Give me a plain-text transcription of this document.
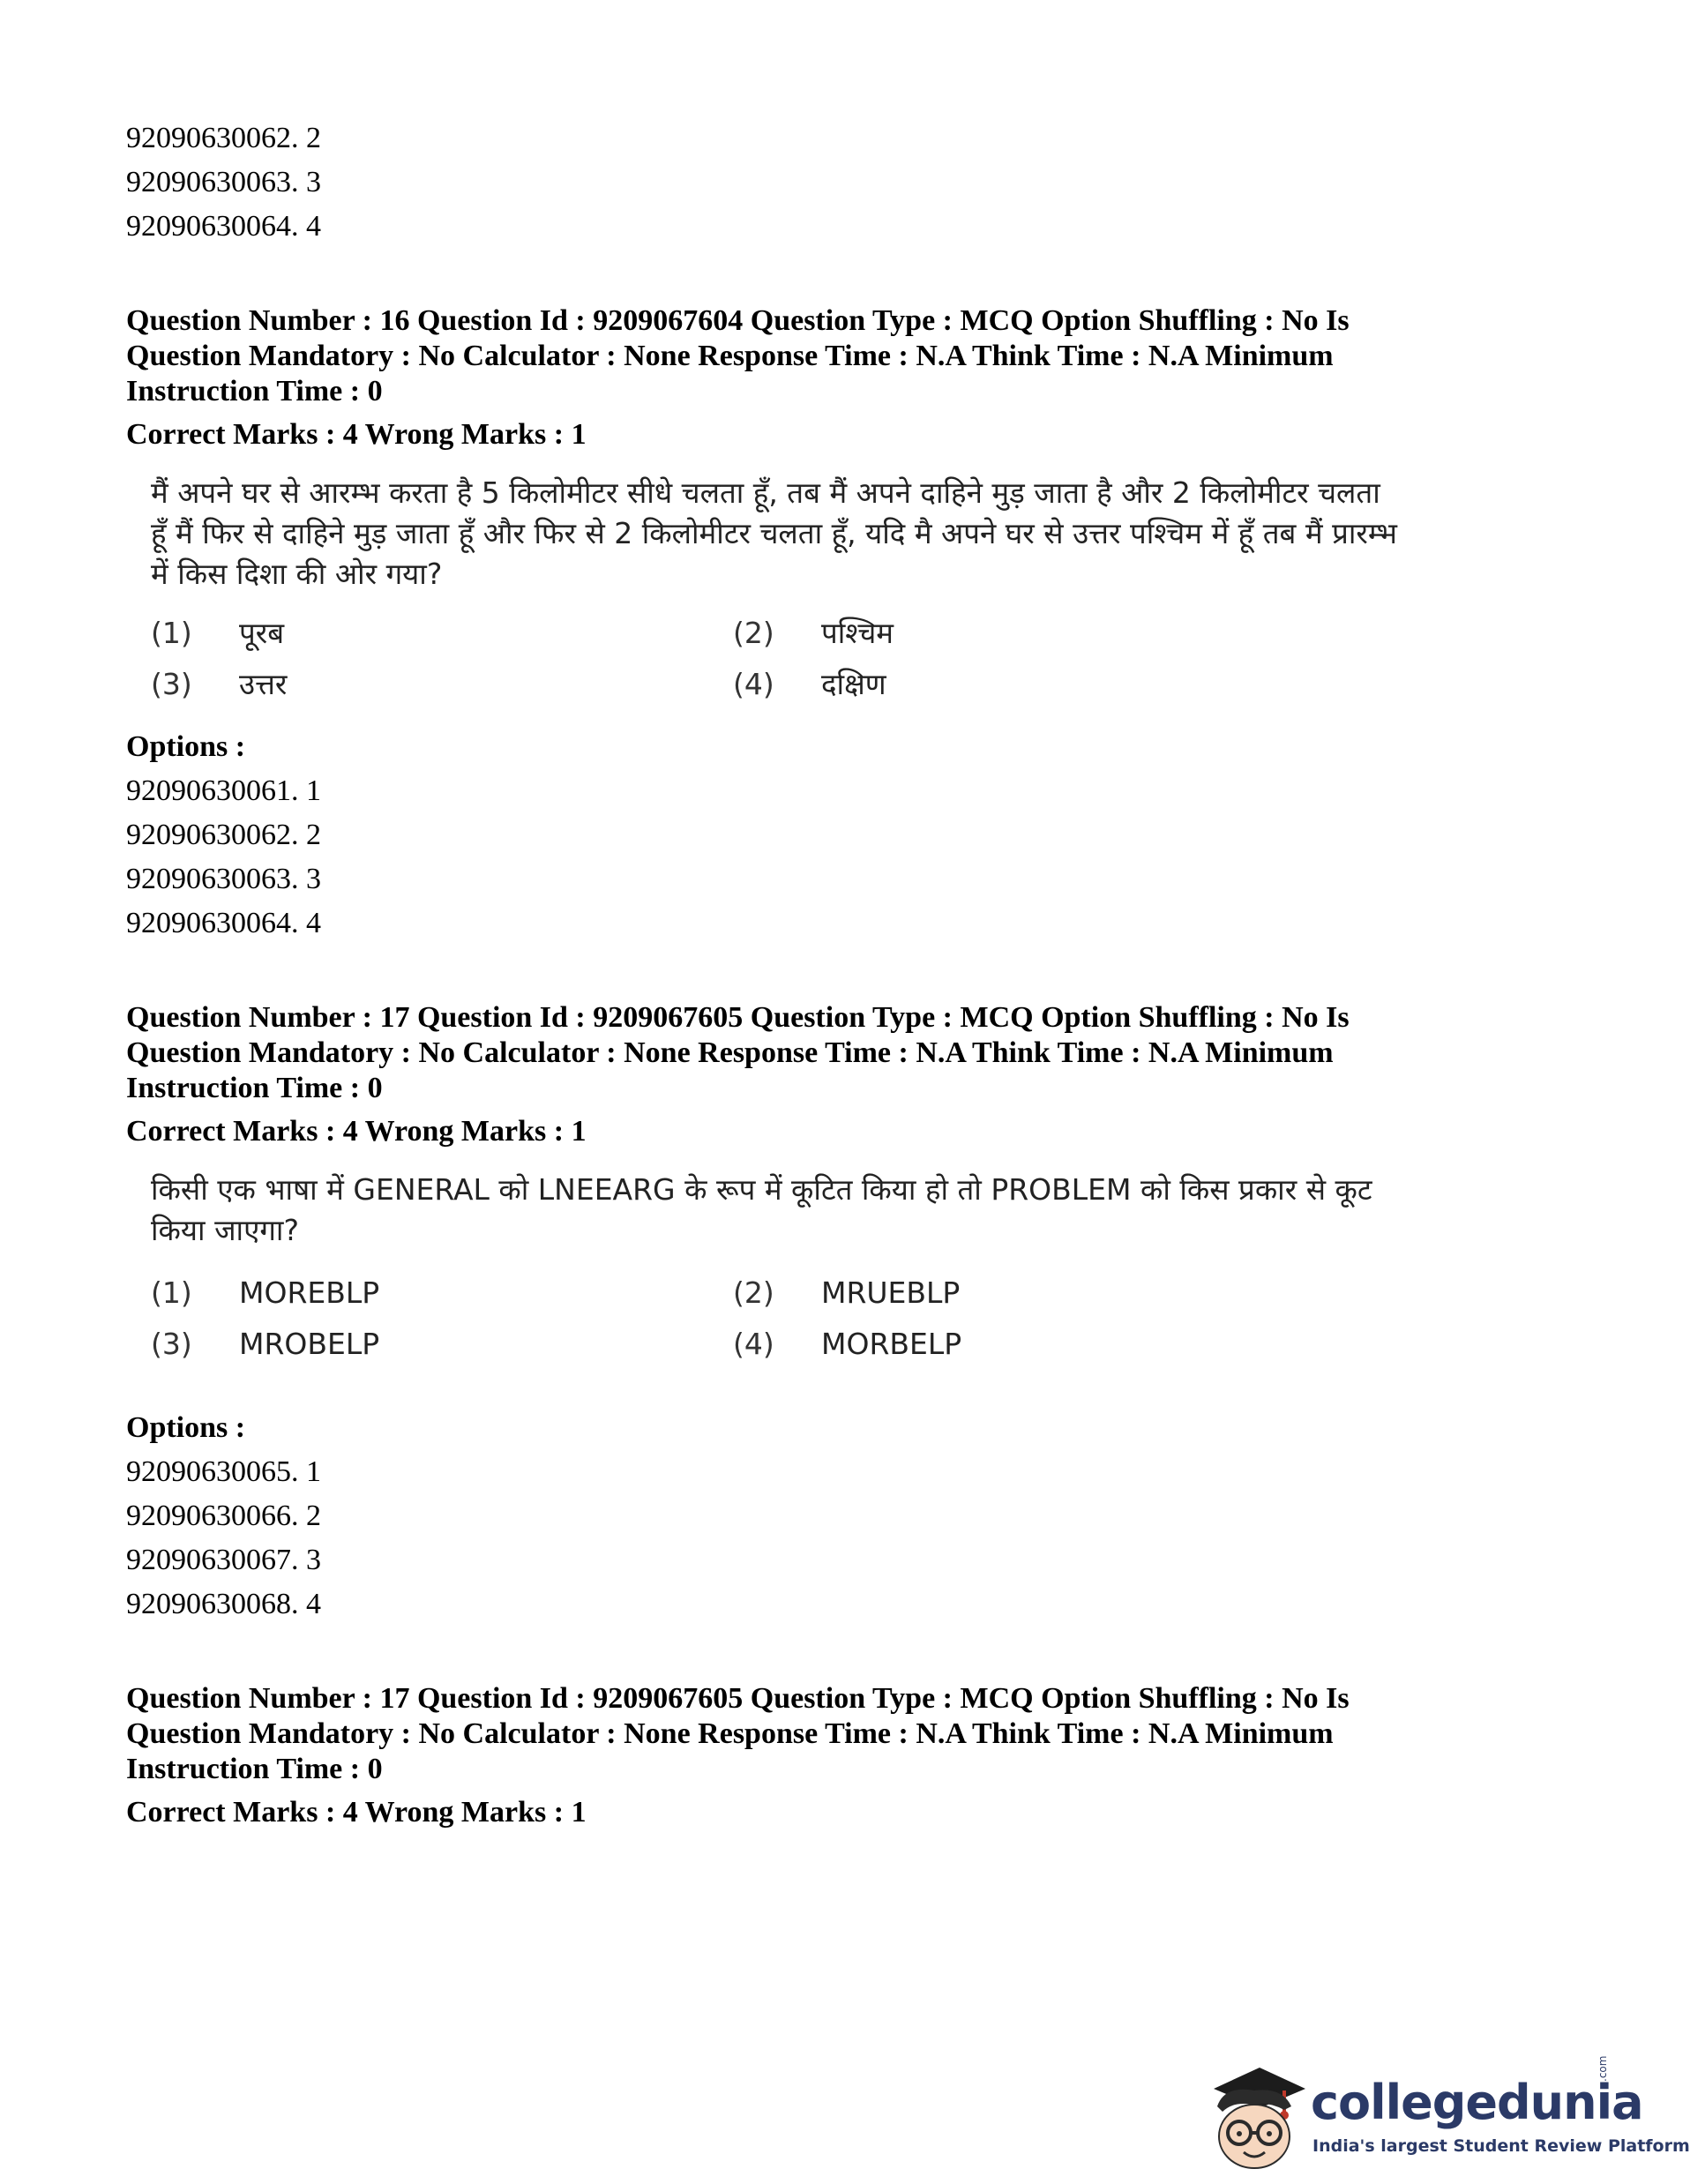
92090630062. 2
92090630063. 3
92090630064. 4
Question Number : 16 Question Id : 9209067604 Question Type : MCQ Option Shuffling : No Is Question Mandatory : No Calculator : None Response Time : N.A Think Time : N.A Minimum Instruction Time : 0
Correct Marks : 4 Wrong Marks : 1
मैं अपने घर से आरम्भ करता है 5 किलोमीटर सीधे चलता हूँ, तब मैं अपने दाहिने मुड़ जाता है और 2 किलोमीटर चलता हूँ मैं फिर से दाहिने मुड़ जाता हूँ और फिर से 2 किलोमीटर चलता हूँ, यदि मै अपने घर से उत्तर पश्चिम में हूँ तब मैं प्रारम्भ में किस दिशा की ओर गया?
(1)	पूरब	(2)	पश्चिम
(3)	उत्तर	(4)	दक्षिण
Options :
92090630061. 1
92090630062. 2
92090630063. 3
92090630064. 4
Question Number : 17 Question Id : 9209067605 Question Type : MCQ Option Shuffling : No Is Question Mandatory : No Calculator : None Response Time : N.A Think Time : N.A Minimum Instruction Time : 0
Correct Marks : 4 Wrong Marks : 1
किसी एक भाषा में GENERAL को LNEEARG के रूप में कूटित किया हो तो PROBLEM को किस प्रकार से कूट किया जाएगा?
(1)	MOREBLP	(2)	MRUEBLP
(3)	MROBELP	(4)	MORBELP
Options :
92090630065. 1
92090630066. 2
92090630067. 3
92090630068. 4
Question Number : 17 Question Id : 9209067605 Question Type : MCQ Option Shuffling : No Is Question Mandatory : No Calculator : None Response Time : N.A Think Time : N.A Minimum Instruction Time : 0
Correct Marks : 4 Wrong Marks : 1
collegedunia
.com
India's largest Student Review Platform
